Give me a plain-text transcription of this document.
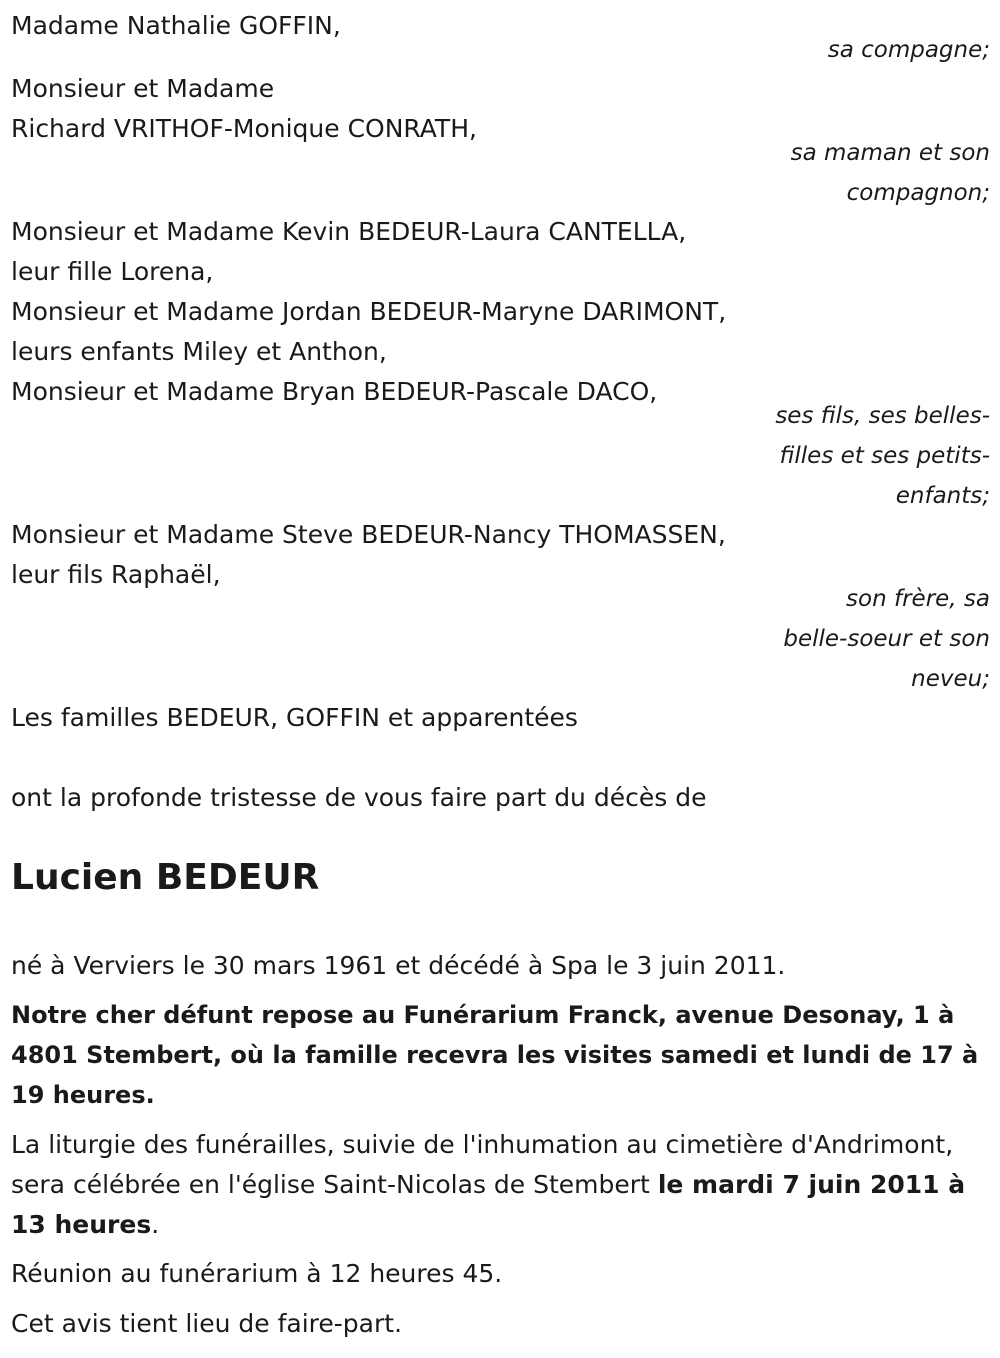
Madame Nathalie GOFFIN,
sa compagne;
Monsieur et Madame
Richard VRITHOF-Monique CONRATH,
sa maman et son
compagnon;
Monsieur et Madame Kevin BEDEUR-Laura CANTELLA,
leur fille Lorena,
Monsieur et Madame Jordan BEDEUR-Maryne DARIMONT,
leurs enfants Miley et Anthon,
Monsieur et Madame Bryan BEDEUR-Pascale DACO,
ses fils, ses belles-
filles et ses petits-
enfants;
Monsieur et Madame Steve BEDEUR-Nancy THOMASSEN,
leur fils Raphaël,
son frère, sa
belle-soeur et son
neveu;
Les familles BEDEUR, GOFFIN et apparentées
ont la profonde tristesse de vous faire part du décès de
Lucien BEDEUR
né à Verviers le 30 mars 1961 et décédé à Spa le 3 juin 2011.
Notre cher défunt repose au Funérarium Franck, avenue Desonay, 1 à 4801 Stembert, où la famille recevra les visites samedi et lundi de 17 à 19 heures.
La liturgie des funérailles, suivie de l'inhumation au cimetière d'Andrimont, sera célébrée en l'église Saint-Nicolas de Stembert le mardi 7 juin 2011 à 13 heures.
Réunion au funérarium à 12 heures 45.
Cet avis tient lieu de faire-part.
